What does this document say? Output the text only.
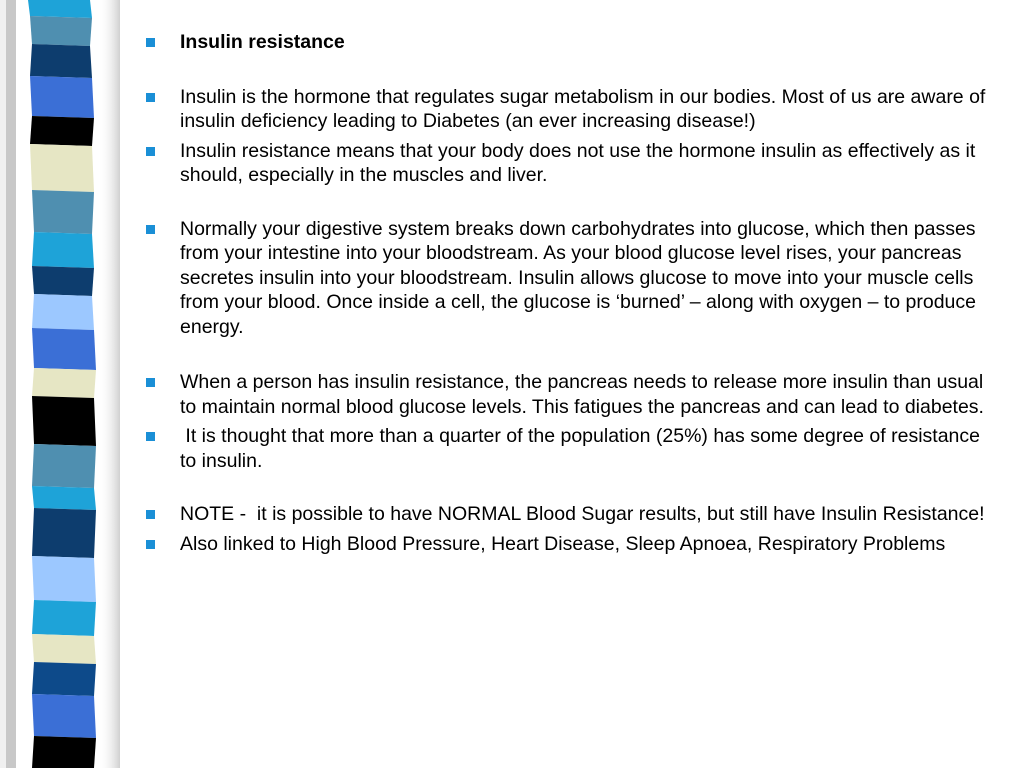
Insulin resistance
Insulin is the hormone that regulates sugar metabolism in our bodies. Most of us are aware of insulin deficiency leading to Diabetes (an ever increasing disease!)
Insulin resistance means that your body does not use the hormone insulin as effectively as it should, especially in the muscles and liver.
Normally your digestive system breaks down carbohydrates into glucose, which then passes from your intestine into your bloodstream. As your blood glucose level rises, your pancreas secretes insulin into your bloodstream. Insulin allows glucose to move into your muscle cells from your blood. Once inside a cell, the glucose is ‘burned’ – along with oxygen – to produce energy.
When a person has insulin resistance, the pancreas needs to release more insulin than usual to maintain normal blood glucose levels. This fatigues the pancreas and can lead to diabetes.
It is thought that more than a quarter of the population (25%) has some degree of resistance to insulin.
NOTE -  it is possible to have NORMAL Blood Sugar results, but still have Insulin Resistance!
Also linked to High Blood Pressure, Heart Disease, Sleep Apnoea, Respiratory Problems
